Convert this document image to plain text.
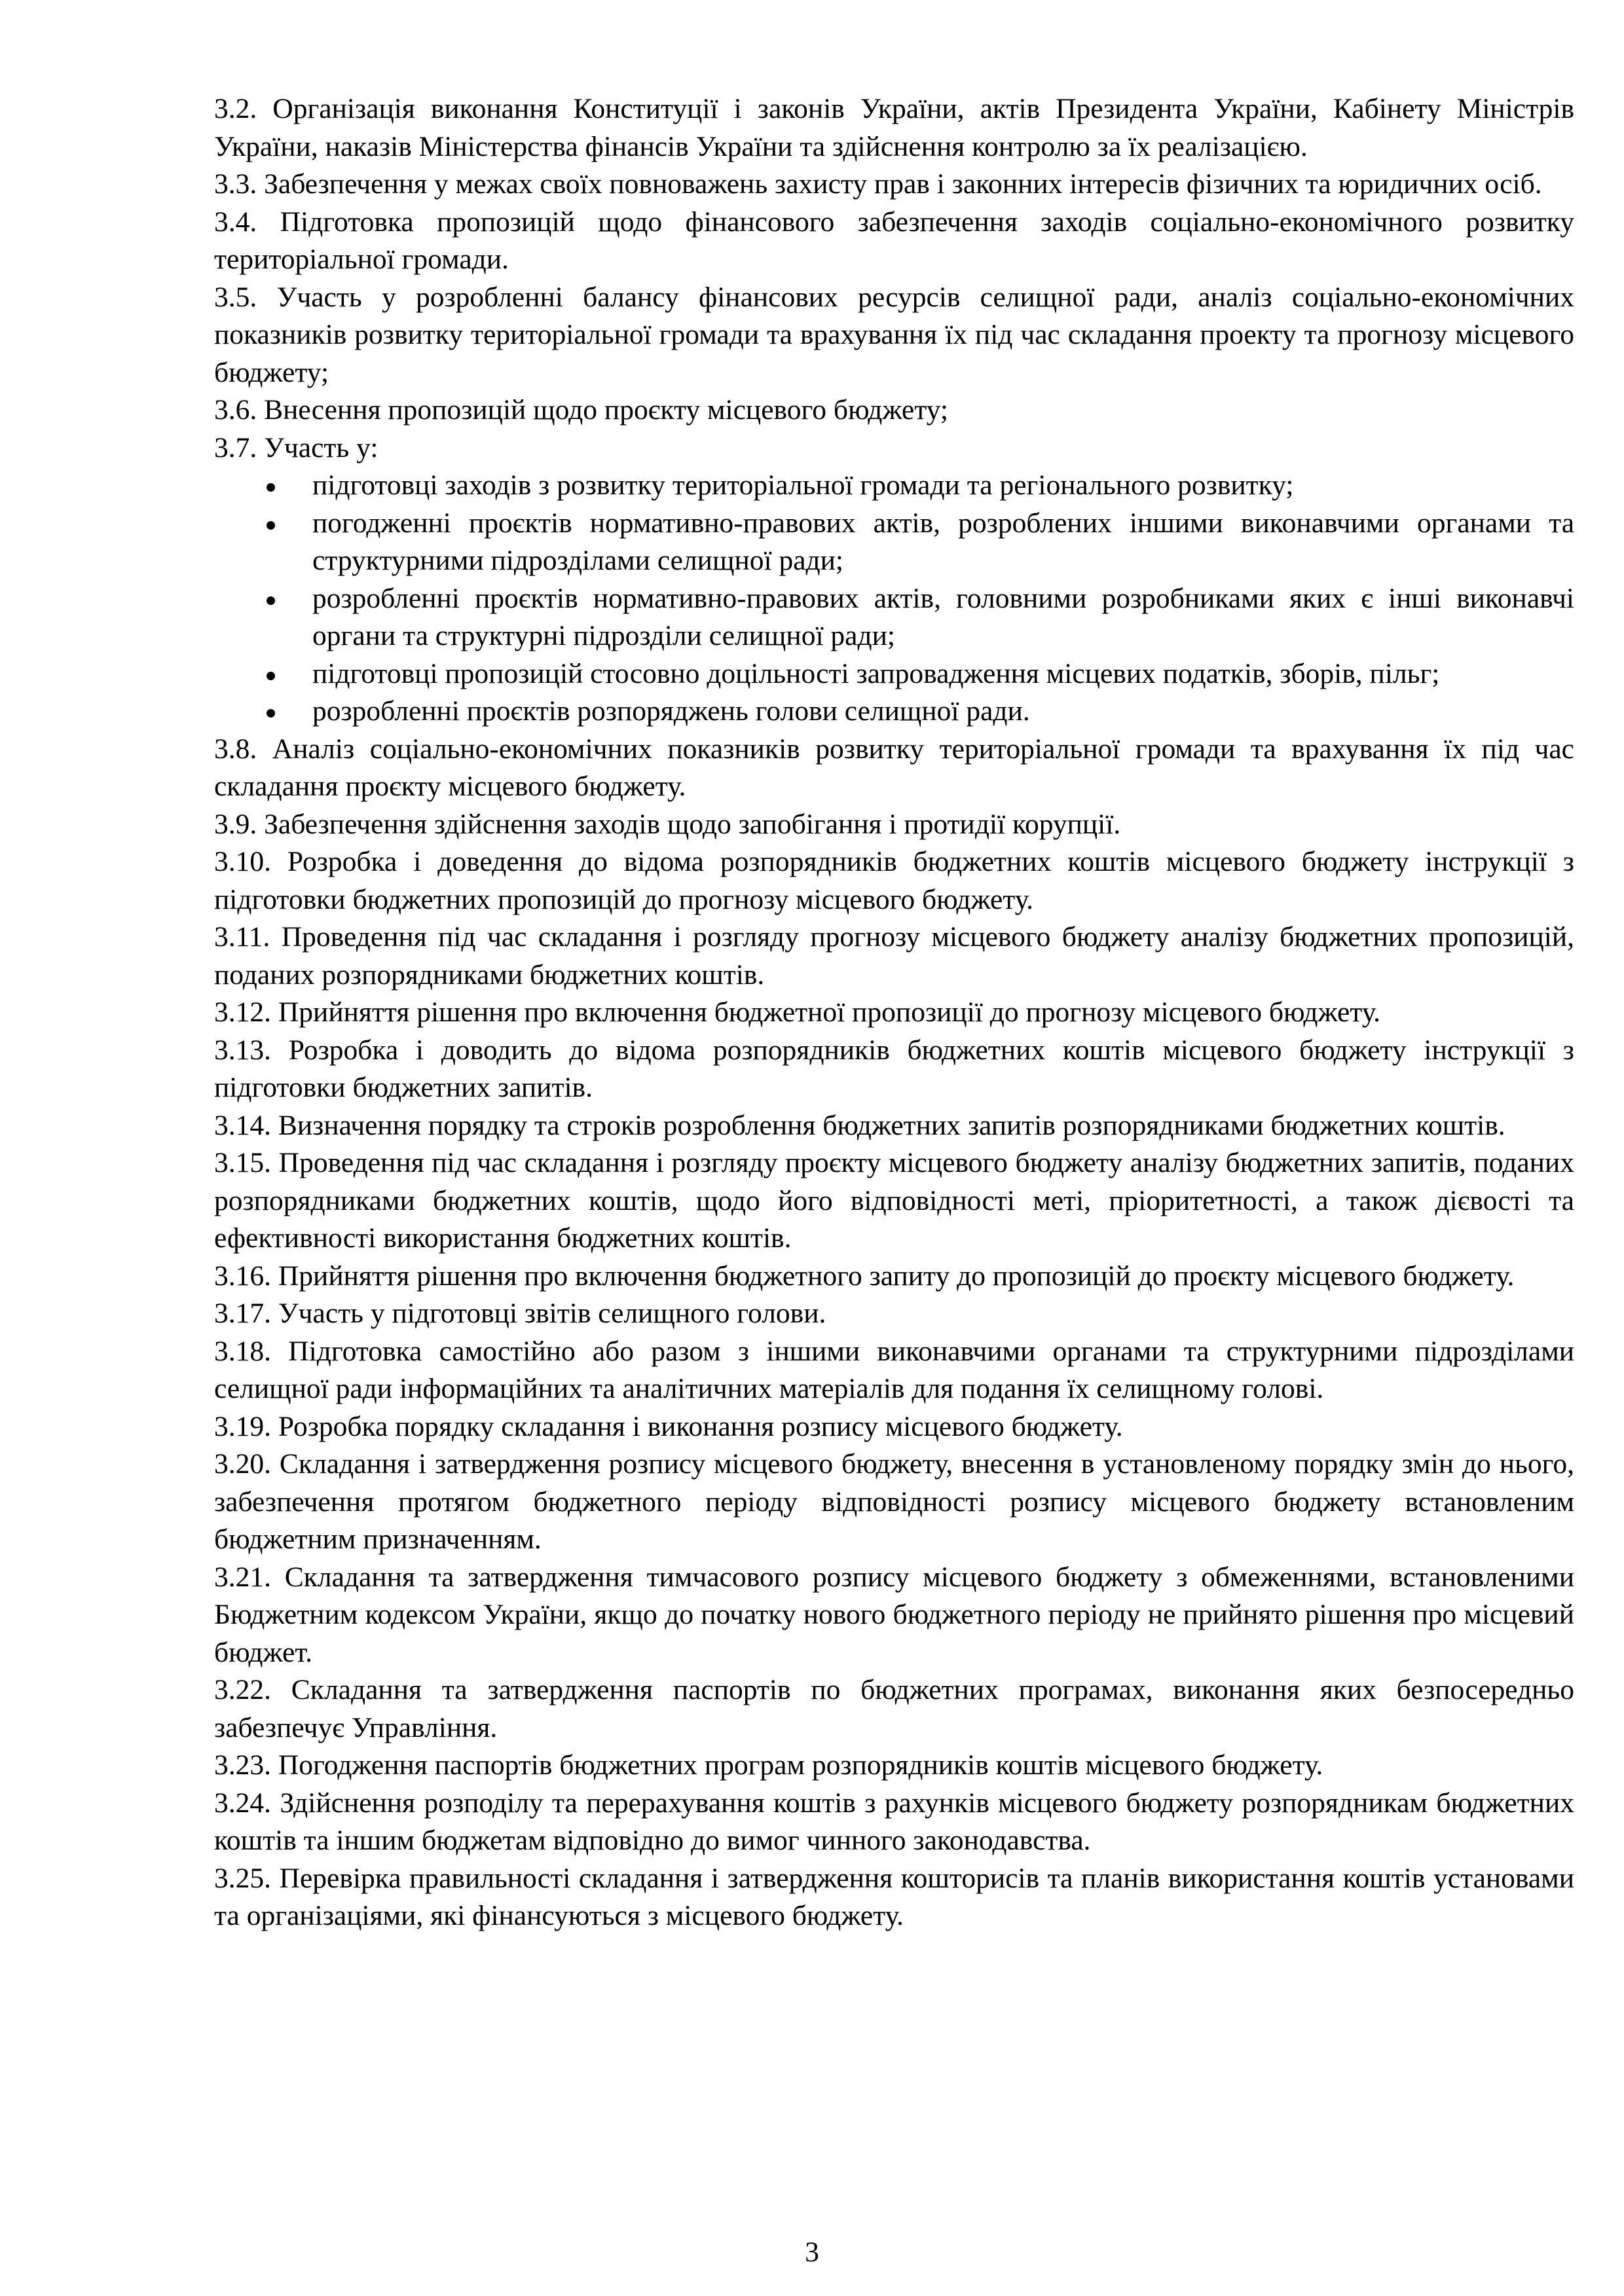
3.2. Організація виконання Конституції і законів України, актів Президента України, Кабінету Міністрів України, наказів Міністерства фінансів України та здійснення контролю за їх реалізацією.

3.3. Забезпечення у межах своїх повноважень захисту прав і законних інтересів фізичних та юридичних осіб.

3.4. Підготовка пропозицій щодо фінансового забезпечення заходів соціально-економічного розвитку територіальної громади.

3.5. Участь у розробленні балансу фінансових ресурсів селищної ради, аналіз соціально-економічних показників розвитку територіальної громади та врахування їх під час складання проекту та прогнозу місцевого бюджету;

3.6. Внесення пропозицій щодо проєкту місцевого бюджету;

3.7. Участь у:

підготовці заходів з розвитку територіальної громади та регіонального розвитку;
погодженні проєктів нормативно-правових актів, розроблених іншими виконавчими органами та структурними підрозділами селищної ради;
розробленні проєктів нормативно-правових актів, головними розробниками яких є інші виконавчі органи та структурні підрозділи селищної ради;
підготовці пропозицій стосовно доцільності запровадження місцевих податків, зборів, пільг;
розробленні проєктів розпоряджень голови селищної ради.

3.8. Аналіз соціально-економічних показників розвитку територіальної громади та врахування їх під час складання проєкту місцевого бюджету.

3.9. Забезпечення здійснення заходів щодо запобігання і протидії корупції.

3.10. Розробка і доведення до відома розпорядників бюджетних коштів місцевого бюджету інструкції з підготовки бюджетних пропозицій до прогнозу місцевого бюджету.

3.11. Проведення під час складання і розгляду прогнозу місцевого бюджету аналізу бюджетних пропозицій, поданих розпорядниками бюджетних коштів.

3.12. Прийняття рішення про включення бюджетної пропозиції до прогнозу місцевого бюджету.

3.13. Розробка і доводить до відома розпорядників бюджетних коштів місцевого бюджету інструкції з підготовки бюджетних запитів.

3.14. Визначення порядку та строків розроблення бюджетних запитів розпорядниками бюджетних коштів.

3.15. Проведення під час складання і розгляду проєкту місцевого бюджету аналізу бюджетних запитів, поданих розпорядниками бюджетних коштів, щодо його відповідності меті, пріоритетності, а також дієвості та ефективності використання бюджетних коштів.

3.16. Прийняття рішення про включення бюджетного запиту до пропозицій до проєкту місцевого бюджету.

3.17. Участь у підготовці звітів селищного голови.

3.18. Підготовка самостійно або разом з іншими виконавчими органами та структурними підрозділами селищної ради інформаційних та аналітичних матеріалів для подання їх селищному голові.

3.19. Розробка порядку складання і виконання розпису місцевого бюджету.

3.20. Складання і затвердження розпису місцевого бюджету, внесення в установленому порядку змін до нього, забезпечення протягом бюджетного періоду відповідності розпису місцевого бюджету встановленим бюджетним призначенням.

3.21. Складання та затвердження тимчасового розпису місцевого бюджету з обмеженнями, встановленими Бюджетним кодексом України, якщо до початку нового бюджетного періоду не прийнято рішення про місцевий бюджет.

3.22. Складання та затвердження паспортів по бюджетних програмах, виконання яких безпосередньо забезпечує Управління.

3.23. Погодження паспортів бюджетних програм розпорядників коштів місцевого бюджету.

3.24. Здійснення розподілу та перерахування коштів з рахунків місцевого бюджету розпорядникам бюджетних коштів та іншим бюджетам відповідно до вимог чинного законодавства.

3.25. Перевірка правильності складання і затвердження кошторисів та планів використання коштів установами та організаціями, які фінансуються з місцевого бюджету.

3
